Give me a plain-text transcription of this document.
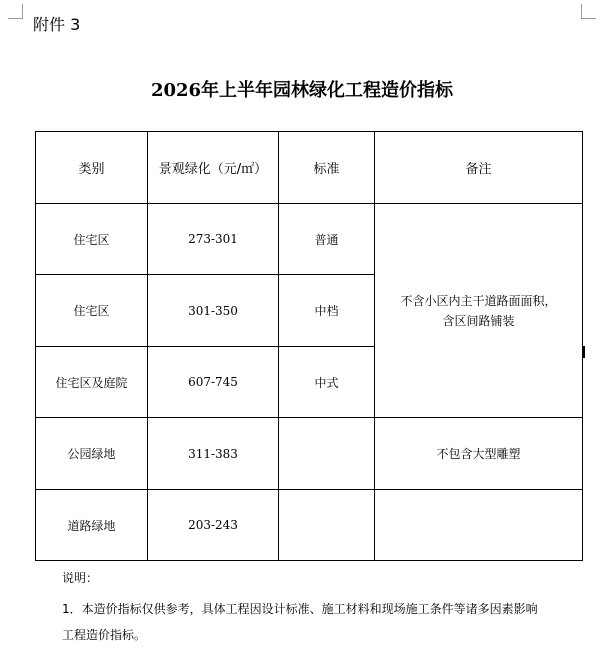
附件 3
2026年上半年园林绿化工程造价指标
类别	景观绿化（元/㎡）	标准	备注
住宅区	273-301	普通	不含小区内主干道路面面积，
含区间路铺装
住宅区	301-350	中档	
住宅区及庭院	607-745	中式	
公园绿地	311-383		不包含大型雕塑
道路绿地	203-243		
说明：
1．本造价指标仅供参考，具体工程因设计标准、施工材料和现场施工条件等诸多因素影响
工程造价指标。
